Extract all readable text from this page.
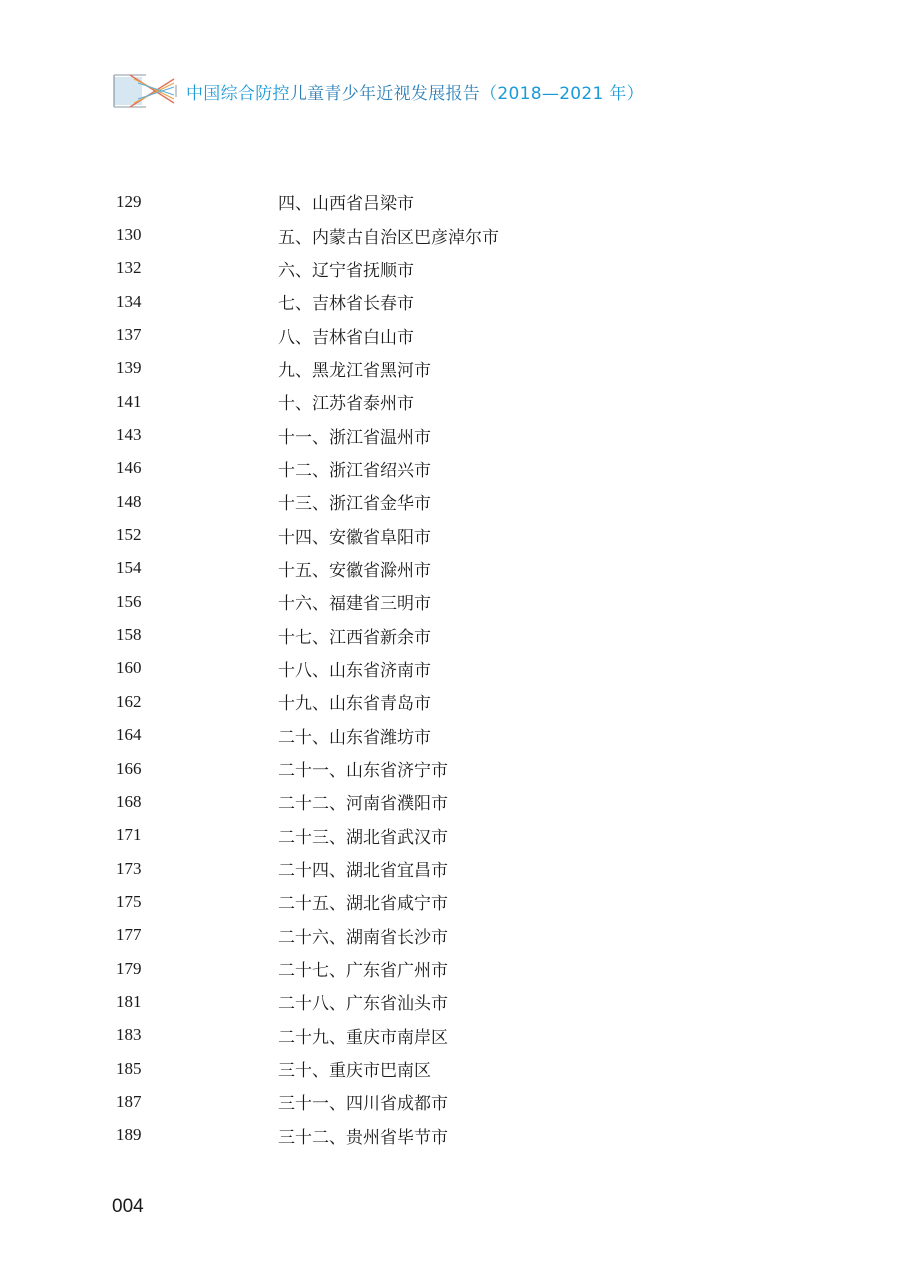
中国综合防控儿童青少年近视发展报告（2018—2021 年）
129	四、山西省吕梁市
130	五、内蒙古自治区巴彦淖尔市
132	六、辽宁省抚顺市
134	七、吉林省长春市
137	八、吉林省白山市
139	九、黑龙江省黑河市
141	十、江苏省泰州市
143	十一、浙江省温州市
146	十二、浙江省绍兴市
148	十三、浙江省金华市
152	十四、安徽省阜阳市
154	十五、安徽省滁州市
156	十六、福建省三明市
158	十七、江西省新余市
160	十八、山东省济南市
162	十九、山东省青岛市
164	二十、山东省潍坊市
166	二十一、山东省济宁市
168	二十二、河南省濮阳市
171	二十三、湖北省武汉市
173	二十四、湖北省宜昌市
175	二十五、湖北省咸宁市
177	二十六、湖南省长沙市
179	二十七、广东省广州市
181	二十八、广东省汕头市
183	二十九、重庆市南岸区
185	三十、重庆市巴南区
187	三十一、四川省成都市
189	三十二、贵州省毕节市
004
